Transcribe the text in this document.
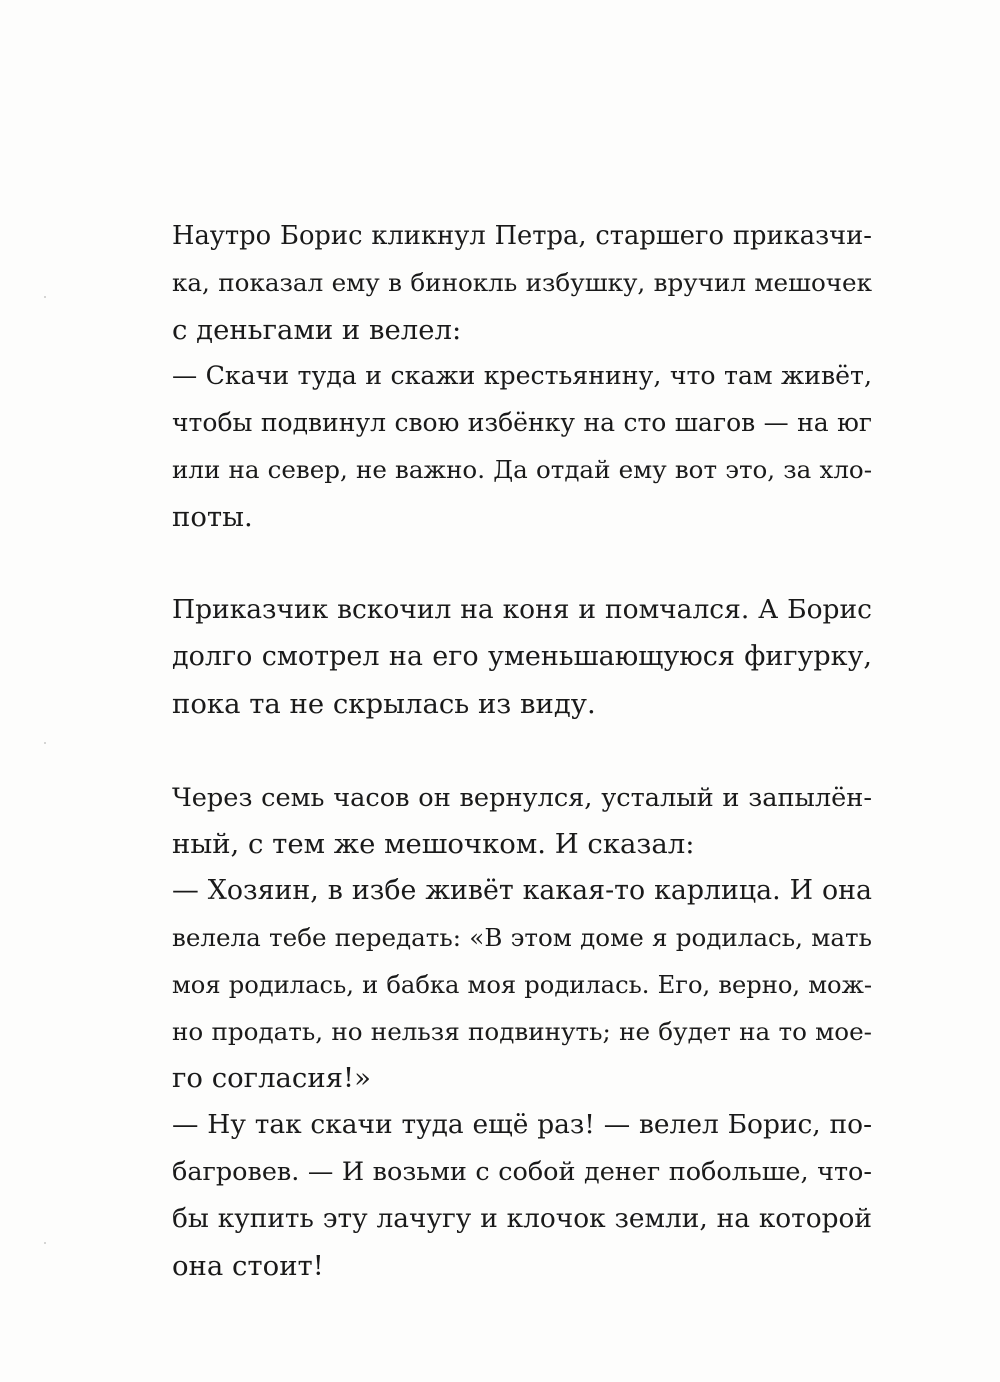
Наутро Борис кликнул Петра, старшего приказчи-
ка, показал ему в бинокль избушку, вручил мешочек
с деньгами и велел:
— Скачи туда и скажи крестьянину, что там живёт,
чтобы подвинул свою избёнку на сто шагов — на юг
или на север, не важно. Да отдай ему вот это, за хло-
поты.
Приказчик вскочил на коня и помчался. А Борис
долго смотрел на его уменьшающуюся фигурку,
пока та не скрылась из виду.
Через семь часов он вернулся, усталый и запылён-
ный, с тем же мешочком. И сказал:
— Хозяин, в избе живёт какая-то карлица. И она
велела тебе передать: «В этом доме я родилась, мать
моя родилась, и бабка моя родилась. Его, верно, мож-
но продать, но нельзя подвинуть; не будет на то мое-
го согласия!»
— Ну так скачи туда ещё раз! — велел Борис, по-
багровев. — И возьми с собой денег побольше, что-
бы купить эту лачугу и клочок земли, на которой
она стоит!
